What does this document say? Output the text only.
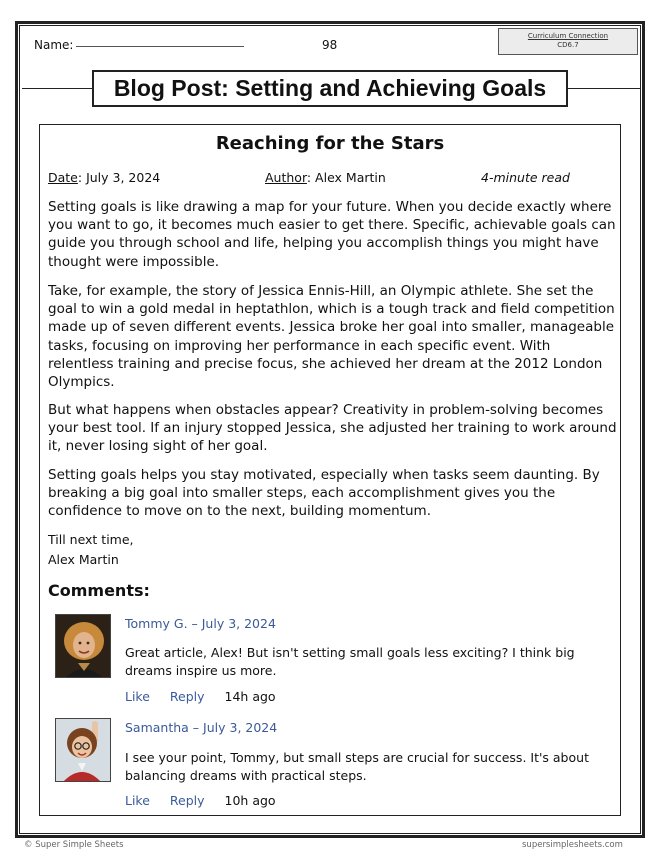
Name:	98
Curriculum Connection
CD6.7
Blog Post: Setting and Achieving Goals
Reaching for the Stars
Date: July 3, 2024	Author: Alex Martin	4-minute read
Setting goals is like drawing a map for your future. When you decide exactly where you want to go, it becomes much easier to get there. Specific, achievable goals can guide you through school and life, helping you accomplish things you might have thought were impossible.
Take, for example, the story of Jessica Ennis-Hill, an Olympic athlete. She set the goal to win a gold medal in heptathlon, which is a tough track and field competition made up of seven different events. Jessica broke her goal into smaller, manageable tasks, focusing on improving her performance in each specific event. With relentless training and precise focus, she achieved her dream at the 2012 London Olympics.
But what happens when obstacles appear? Creativity in problem-solving becomes your best tool. If an injury stopped Jessica, she adjusted her training to work around it, never losing sight of her goal.
Setting goals helps you stay motivated, especially when tasks seem daunting. By breaking a big goal into smaller steps, each accomplishment gives you the confidence to move on to the next, building momentum.
Till next time,
Alex Martin
Comments:
Tommy G. – July 3, 2024
Great article, Alex! But isn't setting small goals less exciting? I think big dreams inspire us more.
Like Reply 14h ago
Samantha – July 3, 2024
I see your point, Tommy, but small steps are crucial for success. It's about balancing dreams with practical steps.
Like Reply 10h ago
© Super Simple Sheets	supersimplesheets.com
